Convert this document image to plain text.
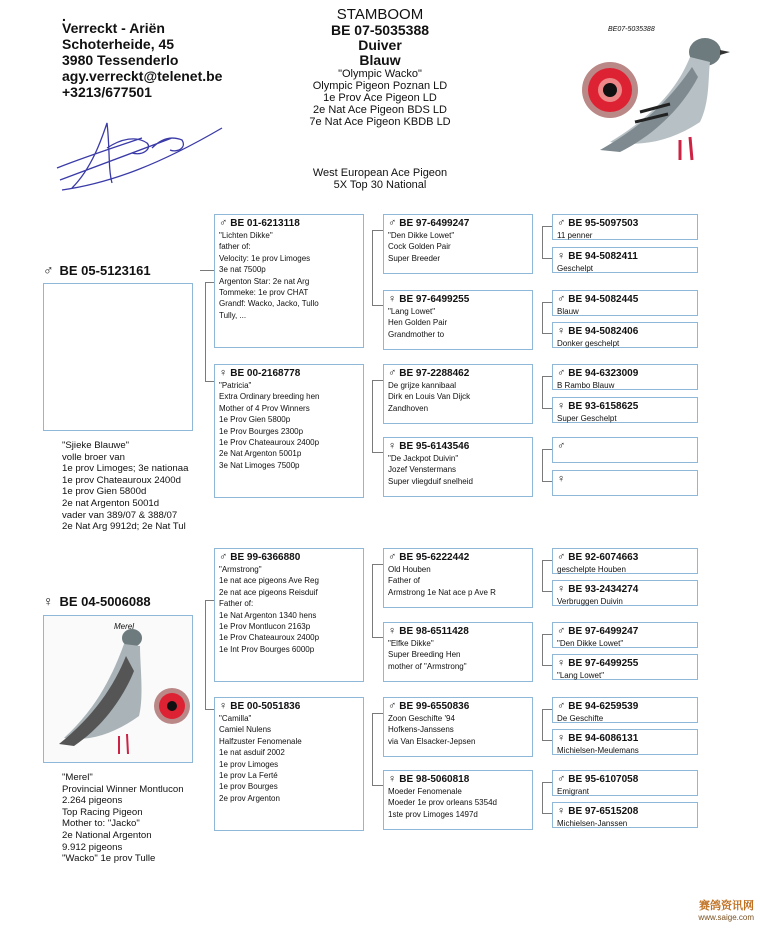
.
Verreckt - Ariën
Schoterheide, 45
3980 Tessenderlo
agy.verreckt@telenet.be
+3213/677501
STAMBOOM
BE 07-5035388
Duiver
Blauw
"Olympic Wacko"
Olympic Pigeon Poznan LD
1e Prov Ace Pigeon LD
2e Nat Ace Pigeon BDS LD
7e Nat Ace Pigeon KBDB LD
West European Ace Pigeon
5X Top 30 National
BE07-5035388
♂ BE 05-5123161
"Sjieke Blauwe"
volle broer van
1e prov Limoges; 3e nationaa
1e prov Chateauroux 2400d
1e prov Gien 5800d
2e nat Argenton 5001d
vader van 389/07 & 388/07
2e Nat Arg 9912d; 2e Nat Tul
♀ BE 04-5006088
Merel
"Merel"
Provincial Winner Montlucon
2.264 pigeons
Top Racing Pigeon
Mother to: "Jacko"
2e National Argenton
9.912 pigeons
"Wacko" 1e prov Tulle
♂ BE 01-6213118
"Lichten Dikke"
father of:
Velocity: 1e prov Limoges
3e nat 7500p
Argenton Star: 2e nat Arg
Tommeke: 1e prov CHAT
Grandf: Wacko, Jacko, Tullo
Tully, ...
♀ BE 00-2168778
"Patricia"
Extra Ordinary breeding hen
Mother of 4 Prov Winners
1e Prov Gien 5800p
1e Prov Bourges 2300p
1e Prov Chateauroux 2400p
2e Nat Argenton 5001p
3e Nat Limoges 7500p
♂ BE 99-6366880
"Armstrong"
1e nat ace pigeons Ave Reg
2e nat ace pigeons Reisduif
Father of:
1e Nat Argenton 1340 hens
1e Prov Montlucon 2163p
1e Prov Chateauroux 2400p
1e Int Prov Bourges 6000p
♀ BE 00-5051836
"Camilla"
Camiel Nulens
Halfzuster Fenomenale
1e nat asduif 2002
1e prov Limoges
1e prov La Ferté
1e prov Bourges
2e prov Argenton
♂ BE 97-6499247
"Den Dikke Lowet"
Cock Golden Pair
Super Breeder
♀ BE 97-6499255
"Lang Lowet"
Hen Golden Pair
Grandmother to
♂ BE 97-2288462
De grijze kannibaal
Dirk en Louis Van Dijck
Zandhoven
♀ BE 95-6143546
"De Jackpot Duivin"
Jozef Venstermans
Super vliegduif snelheid
♂ BE 95-6222442
Old Houben
Father of
Armstrong 1e Nat ace p Ave R
♀ BE 98-6511428
"Elfke Dikke"
Super Breeding Hen
mother of "Armstrong"
♂ BE 99-6550836
Zoon Geschifte '94
Hofkens-Janssens
via Van Elsacker-Jepsen
♀ BE 98-5060818
Moeder Fenomenale
Moeder 1e prov orleans 5354d
1ste prov Limoges 1497d
♂ BE 95-5097503
11 penner
♀ BE 94-5082411
Geschelpt
♂ BE 94-5082445
Blauw
♀ BE 94-5082406
Donker geschelpt
♂ BE 94-6323009
B Rambo Blauw
♀ BE 93-6158625
Super Geschelpt
♂
♀
♂ BE 92-6074663
geschelpte Houben
♀ BE 93-2434274
Verbruggen Duivin
♂ BE 97-6499247
"Den Dikke Lowet"
♀ BE 97-6499255
"Lang Lowet"
♂ BE 94-6259539
De Geschifte
♀ BE 94-6086131
Michielsen-Meulemans
♂ BE 95-6107058
Emigrant
♀ BE 97-6515208
Michielsen-Janssen
赛鸽资讯网
www.saige.com
